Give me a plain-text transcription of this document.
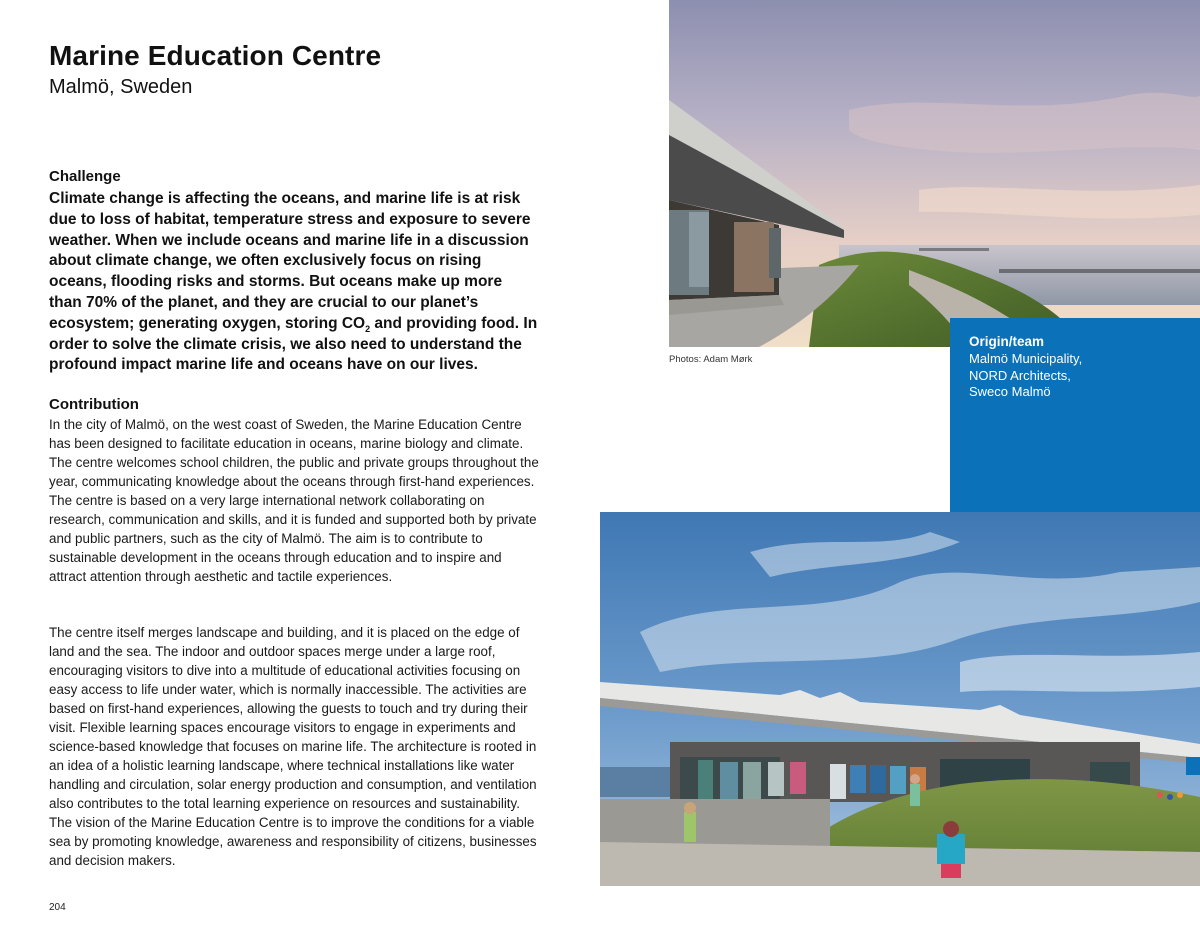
Marine Education Centre
Malmö, Sweden
Challenge
Climate change is affecting the oceans, and marine life is at risk due to loss of habitat, temperature stress and exposure to severe weather. When we include oceans and marine life in a discussion about climate change, we often exclusively focus on rising oceans, flooding risks and storms. But oceans make up more than 70% of the planet, and they are crucial to our planet’s ecosystem; generating oxygen, storing $CO_2$ and providing food. In order to solve the climate crisis, we also need to understand the profound impact marine life and oceans have on our lives.
Contribution
In the city of Malmö, on the west coast of Sweden, the Marine Education Centre has been designed to facilitate education in oceans, marine biology and climate. The centre welcomes school children, the public and private groups throughout the year, communicating knowledge about the oceans through first-hand experiences. The centre is based on a very large international network collaborating on research, communication and skills, and it is funded and supported both by private and public partners, such as the city of Malmö. The aim is to contribute to sustainable development in the oceans through education and to inspire and attract attention through aesthetic and tactile experiences.
The centre itself merges landscape and building, and it is placed on the edge of land and the sea. The indoor and outdoor spaces merge under a large roof, encouraging visitors to dive into a multitude of educational activities focusing on easy access to life under water, which is normally inaccessible. The activities are based on first-hand experiences, allowing the guests to touch and try during their visit. Flexible learning spaces encourage visitors to engage in experiments and science-based knowledge that focuses on marine life. The architecture is rooted in an idea of a holistic learning landscape, where technical installations like water handling and circulation, solar energy production and consumption, and ventilation also contributes to the total learning experience on resources and sustainability. The vision of the Marine Education Centre is to improve the conditions for a viable sea by promoting knowledge, awareness and responsibility of citizens, businesses and decision makers.
204
Photos: Adam Mørk
Origin/team
Malmö Municipality,
NORD Architects,
Sweco Malmö
